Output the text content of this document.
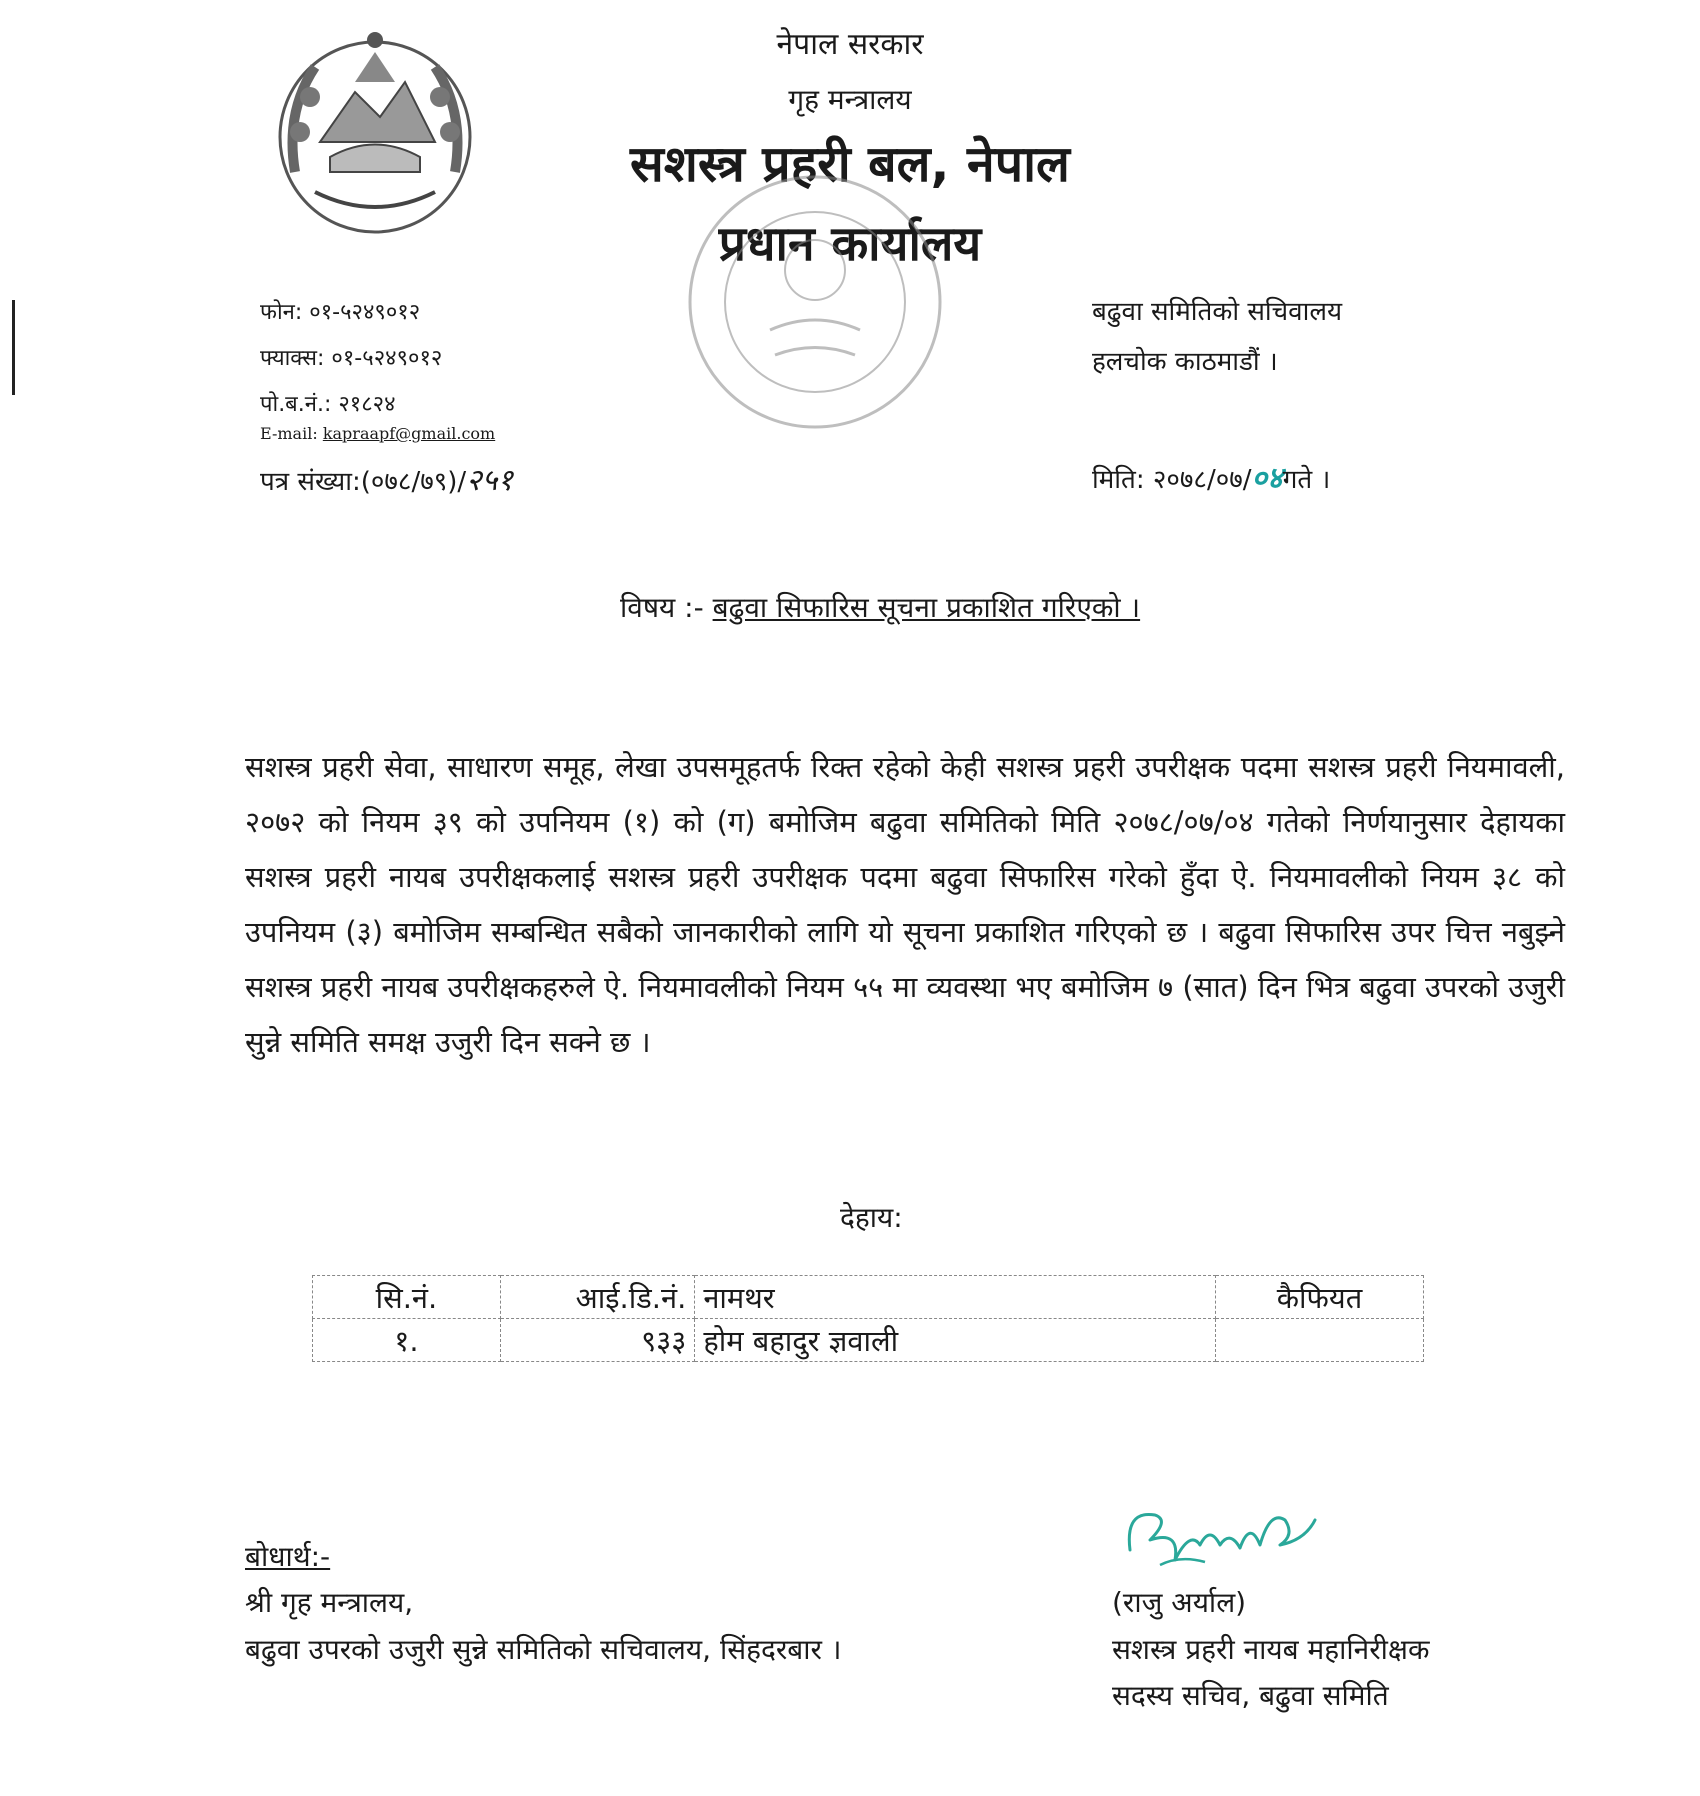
नेपाल सरकार
गृह मन्त्रालय
सशस्त्र प्रहरी बल, नेपाल
प्रधान कार्यालय
फोन: ०१-५२४९०१२
फ्याक्स: ०१-५२४९०१२
पो.ब.नं.: २१८२४
E-mail: kapraapf@gmail.com
पत्र संख्या:(०७८/७९)/२५१
बढुवा समितिको सचिवालय
हलचोक काठमाडौं ।
मिति: २०७८/०७/०४गते ।
विषय :- बढुवा सिफारिस सूचना प्रकाशित गरिएको ।
सशस्त्र प्रहरी सेवा, साधारण समूह, लेखा उपसमूहतर्फ रिक्त रहेको केही सशस्त्र प्रहरी उपरीक्षक पदमा सशस्त्र प्रहरी नियमावली, २०७२ को नियम ३९ को उपनियम (१) को (ग) बमोजिम बढुवा समितिको मिति २०७८/०७/०४ गतेको निर्णयानुसार देहायका सशस्त्र प्रहरी नायब उपरीक्षकलाई सशस्त्र प्रहरी उपरीक्षक पदमा बढुवा सिफारिस गरेको हुँदा ऐ. नियमावलीको नियम ३८ को उपनियम (३) बमोजिम सम्बन्धित सबैको जानकारीको लागि यो सूचना प्रकाशित गरिएको छ । बढुवा सिफारिस उपर चित्त नबुझ्ने सशस्त्र प्रहरी नायब उपरीक्षकहरुले ऐ. नियमावलीको नियम ५५ मा व्यवस्था भए बमोजिम ७ (सात) दिन भित्र बढुवा उपरको उजुरी सुन्ने समिति समक्ष उजुरी दिन सक्ने छ ।
देहाय:
सि.नं.	आई.डि.नं.	नामथर	कैफियत
१.	९३३	होम बहादुर ज्ञवाली	
बोधार्थ:-
श्री गृह मन्त्रालय,
बढुवा उपरको उजुरी सुन्ने समितिको सचिवालय, सिंहदरबार ।
(राजु अर्याल)
सशस्त्र प्रहरी नायब महानिरीक्षक
सदस्य सचिव, बढुवा समिति
